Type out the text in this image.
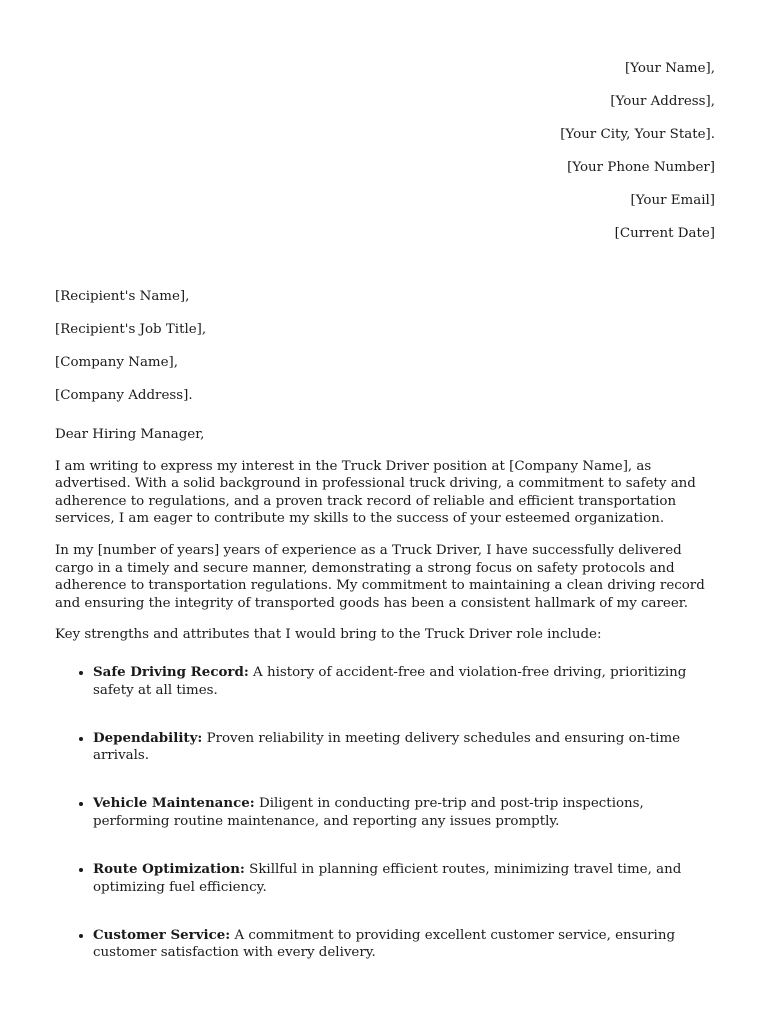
[Your Name],

[Your Address],

[Your City, Your State].

[Your Phone Number]

[Your Email]

[Current Date]

[Recipient's Name],

[Recipient's Job Title],

[Company Name],

[Company Address].

Dear Hiring Manager,

I am writing to express my interest in the Truck Driver position at [Company Name], as advertised. With a solid background in professional truck driving, a commitment to safety and adherence to regulations, and a proven track record of reliable and efficient transportation services, I am eager to contribute my skills to the success of your esteemed organization.

In my [number of years] years of experience as a Truck Driver, I have successfully delivered cargo in a timely and secure manner, demonstrating a strong focus on safety protocols and adherence to transportation regulations. My commitment to maintaining a clean driving record and ensuring the integrity of transported goods has been a consistent hallmark of my career.

Key strengths and attributes that I would bring to the Truck Driver role include:

• Safe Driving Record: A history of accident-free and violation-free driving, prioritizing safety at all times.
• Dependability: Proven reliability in meeting delivery schedules and ensuring on-time arrivals.
• Vehicle Maintenance: Diligent in conducting pre-trip and post-trip inspections, performing routine maintenance, and reporting any issues promptly.
• Route Optimization: Skillful in planning efficient routes, minimizing travel time, and optimizing fuel efficiency.
• Customer Service: A commitment to providing excellent customer service, ensuring customer satisfaction with every delivery.
